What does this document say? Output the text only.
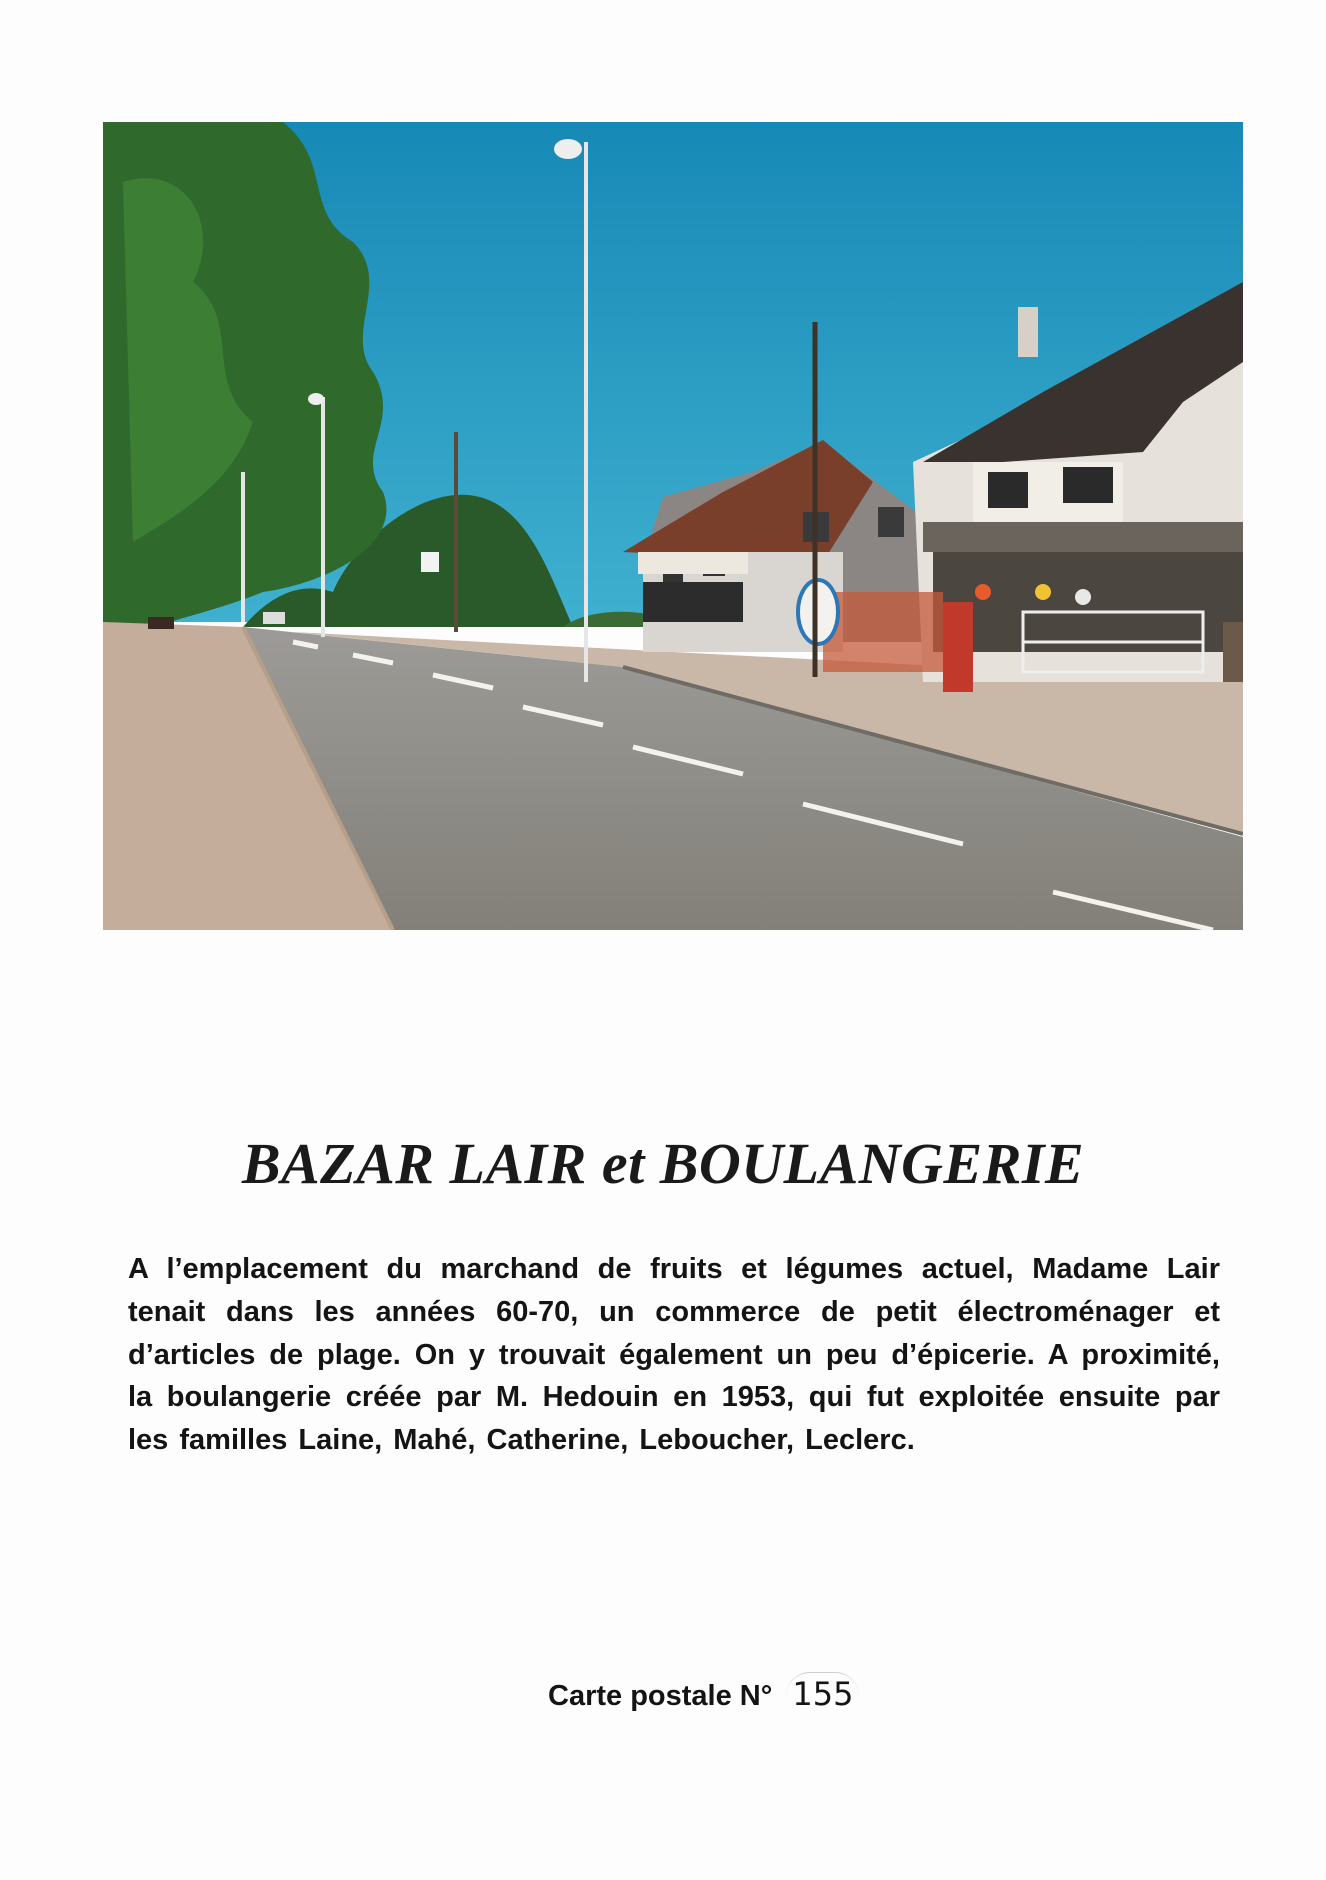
BAZAR LAIR et BOULANGERIE

A l’emplacement du marchand de fruits et légumes actuel, Madame Lair tenait dans les années 60-70, un commerce de petit électroménager et d’articles de plage. On y trouvait également un peu d’épicerie. A proximité, la boulangerie créée par M. Hedouin en 1953, qui fut exploitée ensuite par les familles Laine, Mahé, Catherine, Leboucher, Leclerc.

Carte postale N° 155
